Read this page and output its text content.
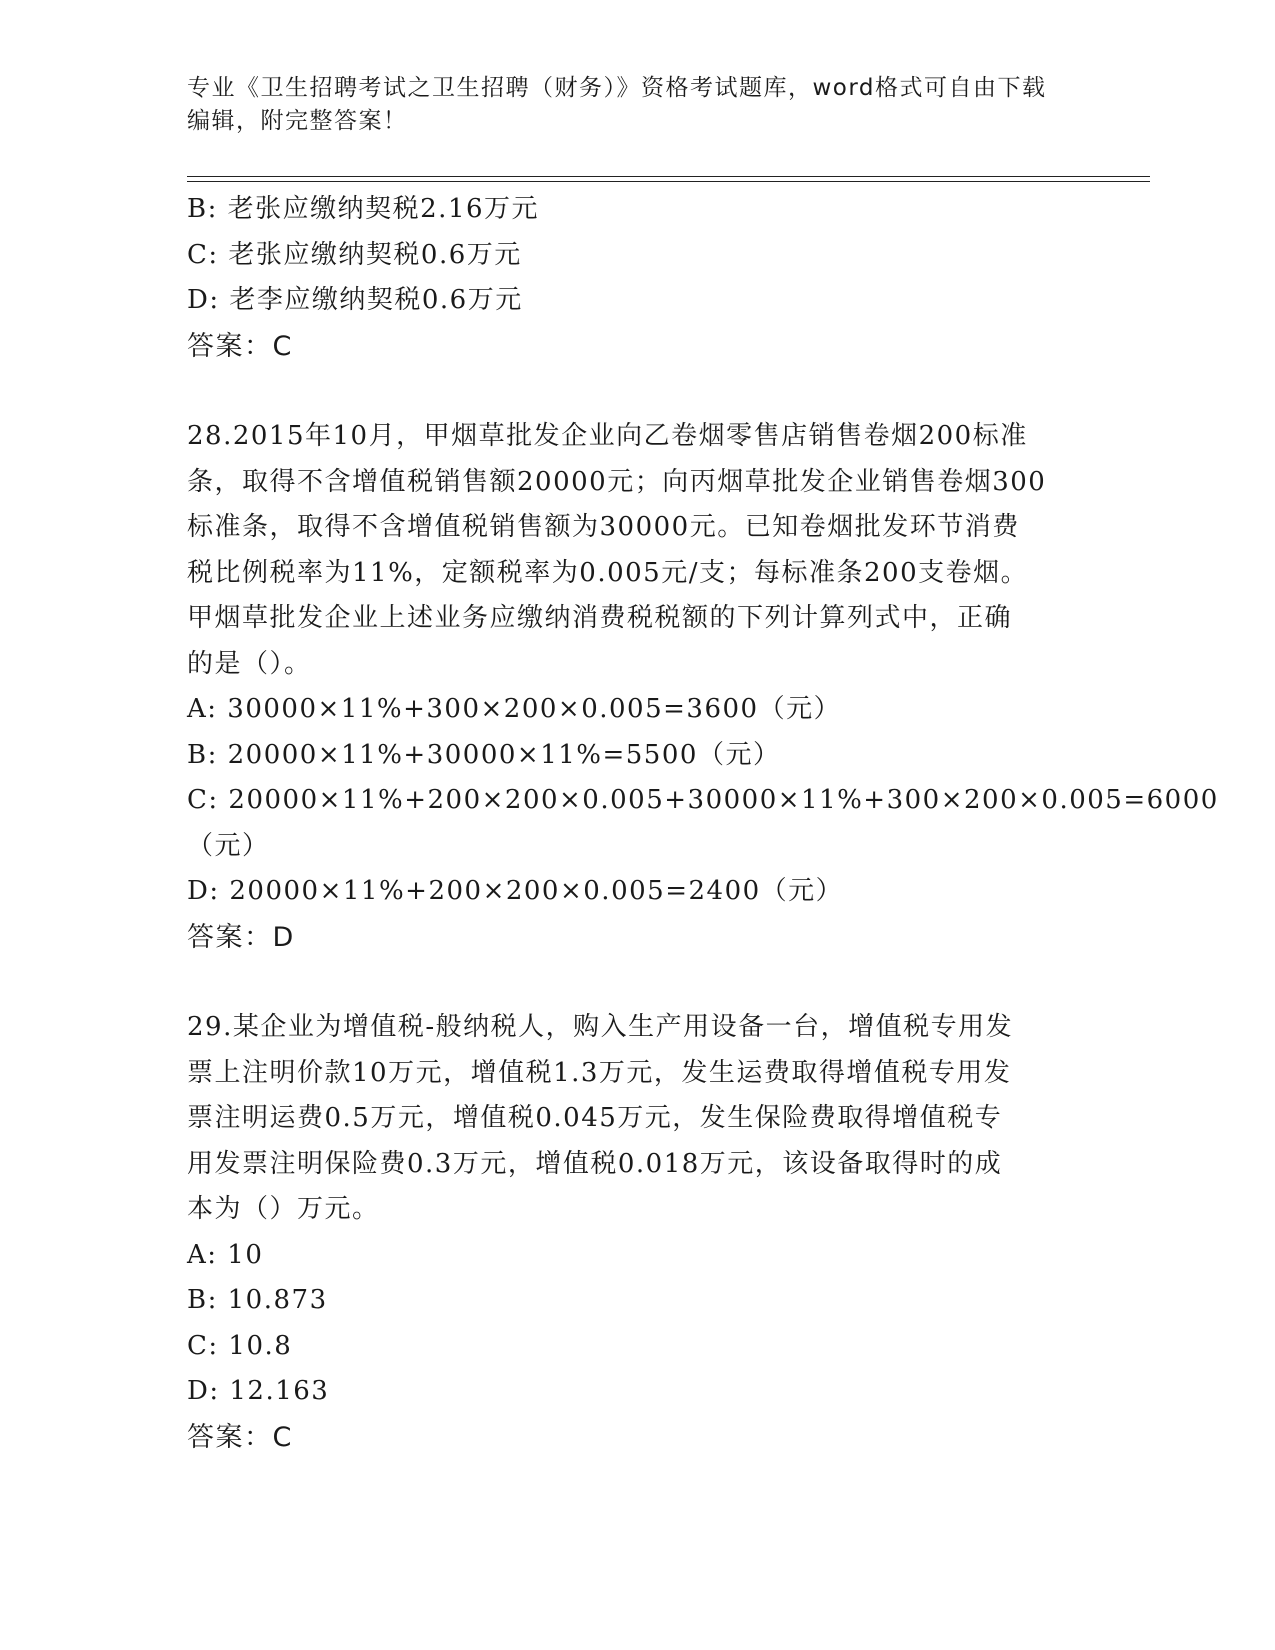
专业《卫生招聘考试之卫生招聘（财务）》资格考试题库，word格式可自由下载
编辑，附完整答案！
B: 老张应缴纳契税2.16万元
C: 老张应缴纳契税0.6万元
D: 老李应缴纳契税0.6万元
答案：C
28.2015年10月，甲烟草批发企业向乙卷烟零售店销售卷烟200标准
条，取得不含增值税销售额20000元；向丙烟草批发企业销售卷烟300
标准条，取得不含增值税销售额为30000元。已知卷烟批发环节消费
税比例税率为11%，定额税率为0.005元/支；每标准条200支卷烟。
甲烟草批发企业上述业务应缴纳消费税税额的下列计算列式中，正确
的是（）。
A: 30000×11%+300×200×0.005=3600（元）
B: 20000×11%+30000×11%=5500（元）
C: 20000×11%+200×200×0.005+30000×11%+300×200×0.005=6000
（元）
D: 20000×11%+200×200×0.005=2400（元）
答案：D
29.某企业为增值税-般纳税人，购入生产用设备一台，增值税专用发
票上注明价款10万元，增值税1.3万元，发生运费取得增值税专用发
票注明运费0.5万元，增值税0.045万元，发生保险费取得增值税专
用发票注明保险费0.3万元，增值税0.018万元，该设备取得时的成
本为（）万元。
A: 10
B: 10.873
C: 10.8
D: 12.163
答案：C
